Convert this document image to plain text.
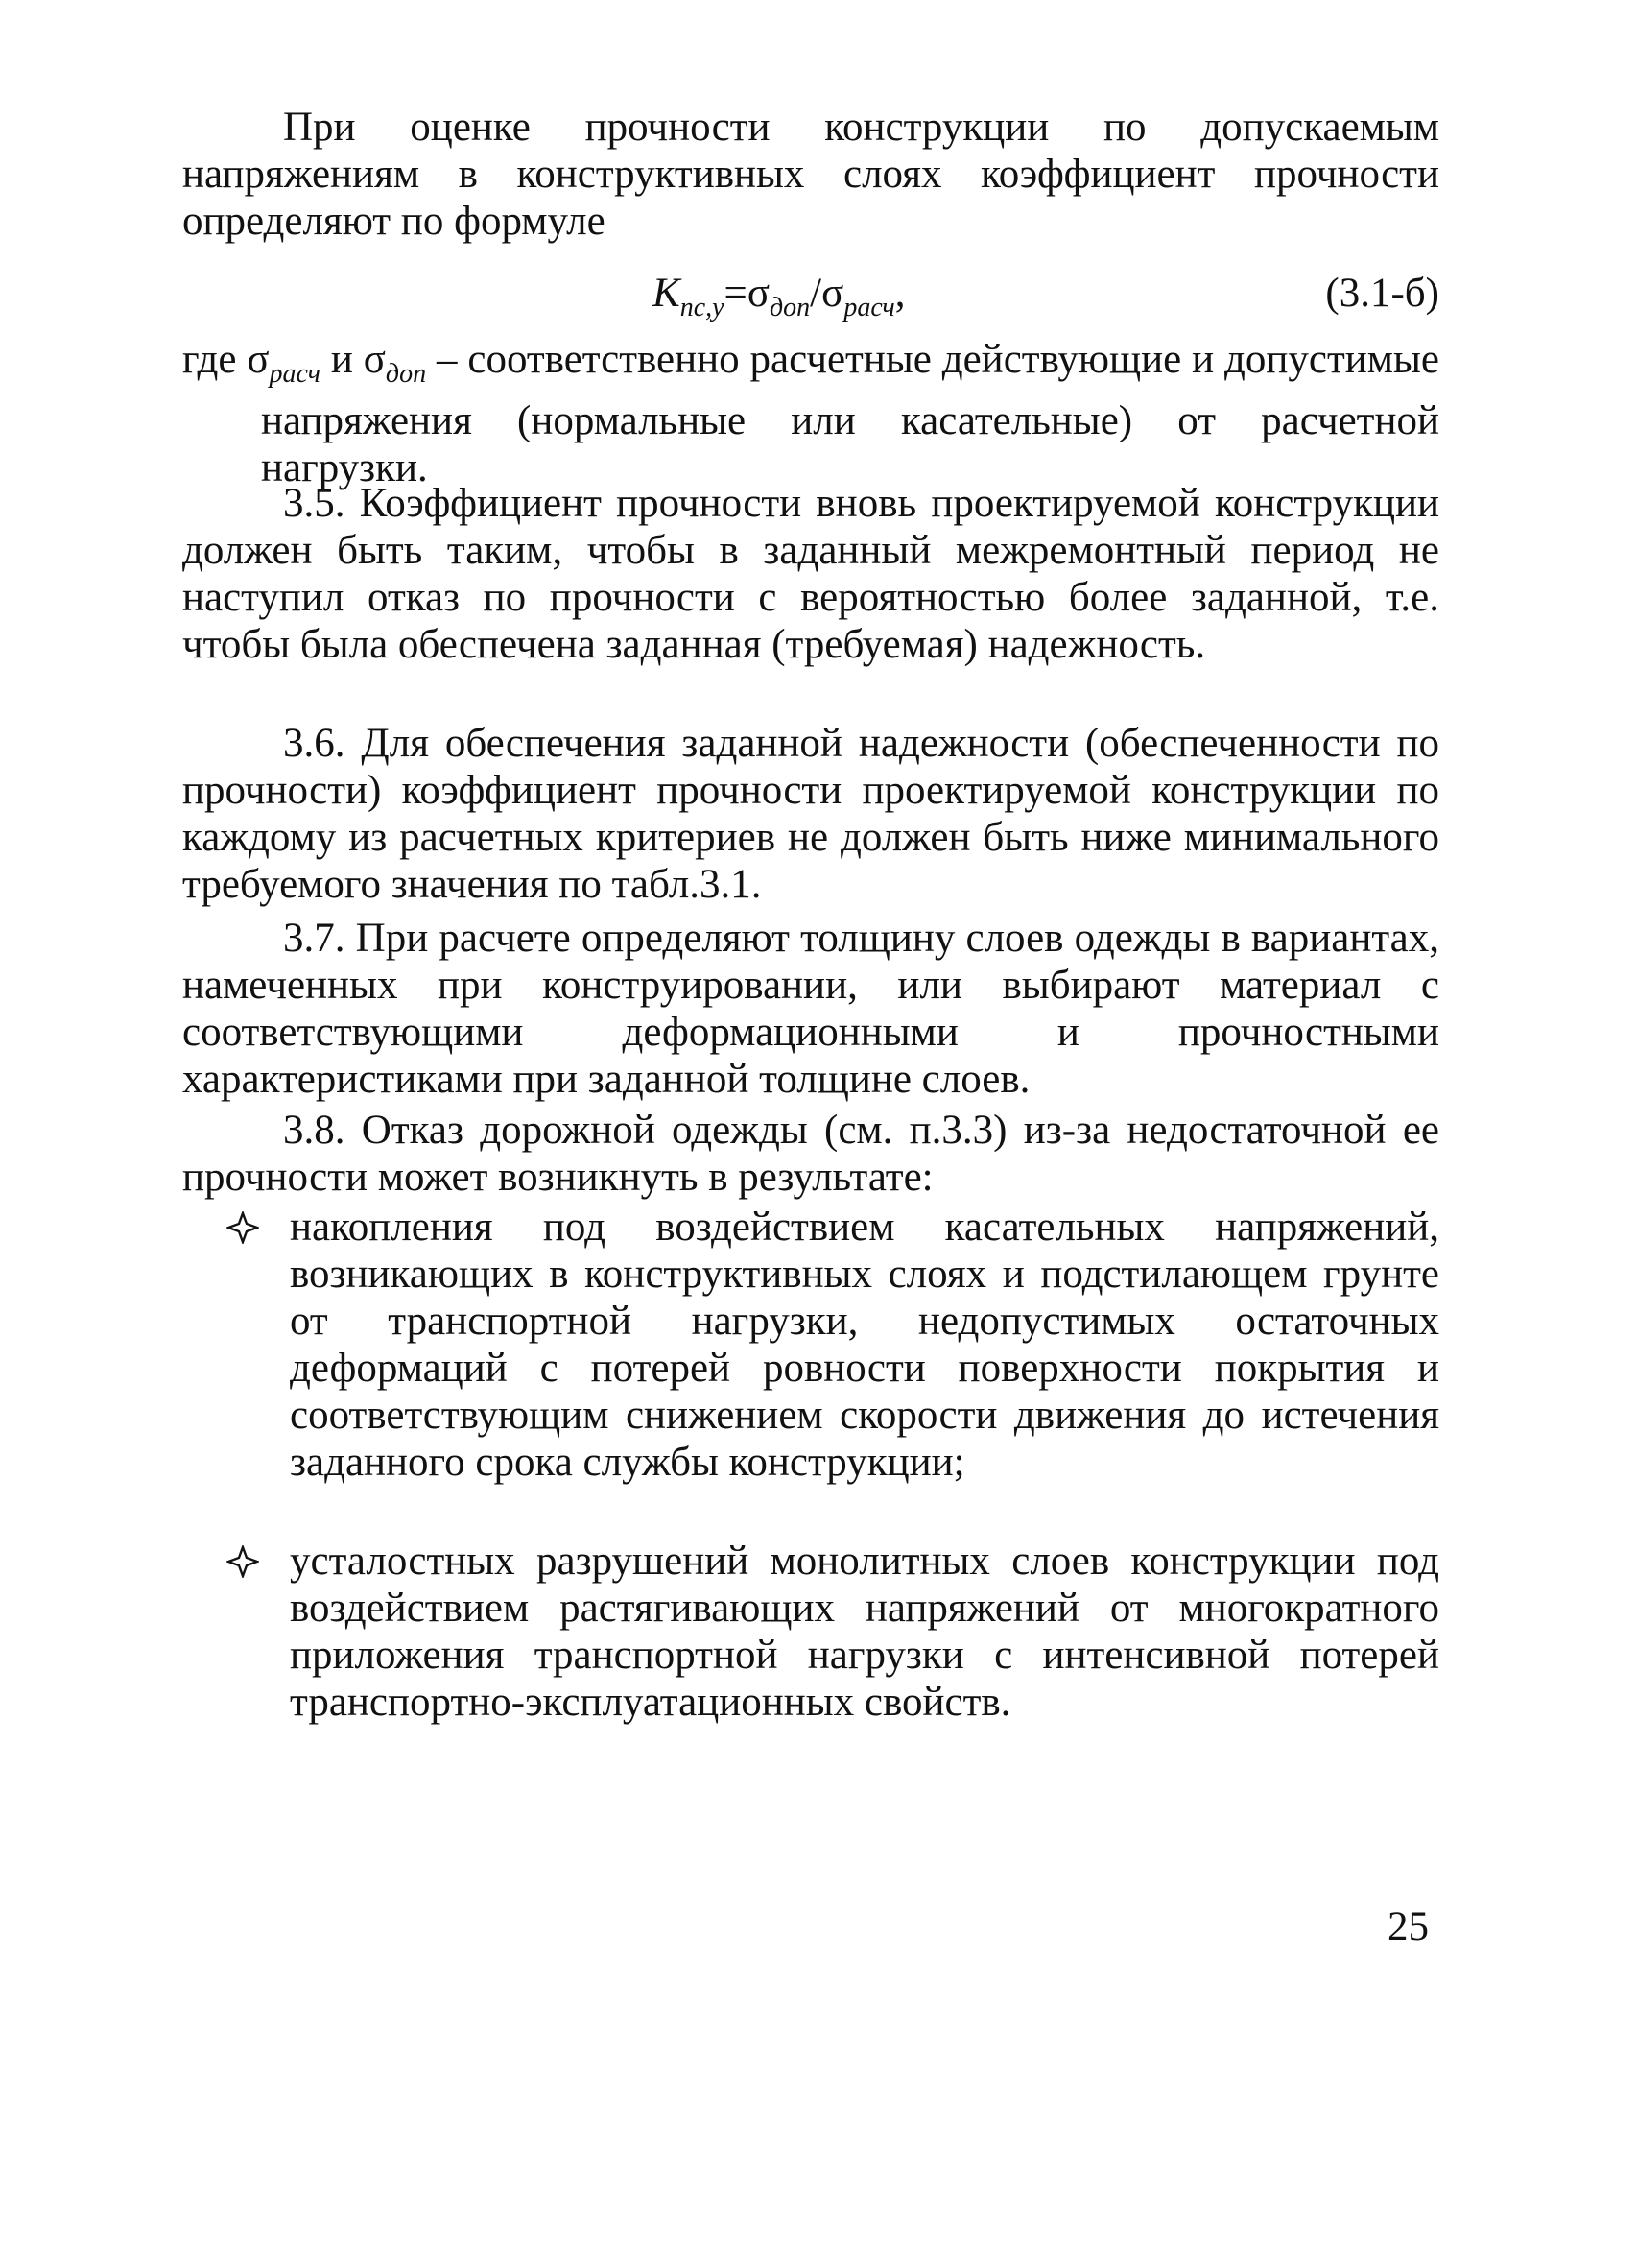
При оценке прочности конструкции по допускаемым напряжениям в конструктивных слоях коэффициент прочности определяют по формуле

$K_{пс,у}=\sigma_{доп}/\sigma_{расч}$,	(3.1-б)
где $\sigma_{расч}$ и $\sigma_{доп}$ – соответственно расчетные действующие и допустимые напряжения (нормальные или касательные) от расчетной нагрузки.

3.5. Коэффициент прочности вновь проектируемой конструкции должен быть таким, чтобы в заданный межремонтный период не наступил отказ по прочности с вероятностью более заданной, т.е. чтобы была обеспечена заданная (требуемая) надежность.

3.6. Для обеспечения заданной надежности (обеспеченности по прочности) коэффициент прочности проектируемой конструкции по каждому из расчетных критериев не должен быть ниже минимального требуемого значения по табл.3.1.

3.7. При расчете определяют толщину слоев одежды в вариантах, намеченных при конструировании, или выбирают материал с соответствующими деформационными и прочностными характеристиками при заданной толщине слоев.

3.8. Отказ дорожной одежды (см. п.3.3) из-за недостаточной ее прочности может возникнуть в результате:

накопления под воздействием касательных напряжений, возникающих в конструктивных слоях и подстилающем грунте от транспортной нагрузки, недопустимых остаточных деформаций с потерей ровности поверхности покрытия и соответствующим снижением скорости движения до истечения заданного срока службы конструкции;
усталостных разрушений монолитных слоев конструкции под воздействием растягивающих напряжений от многократного приложения транспортной нагрузки с интенсивной потерей транспортно-эксплуатационных свойств.
25
